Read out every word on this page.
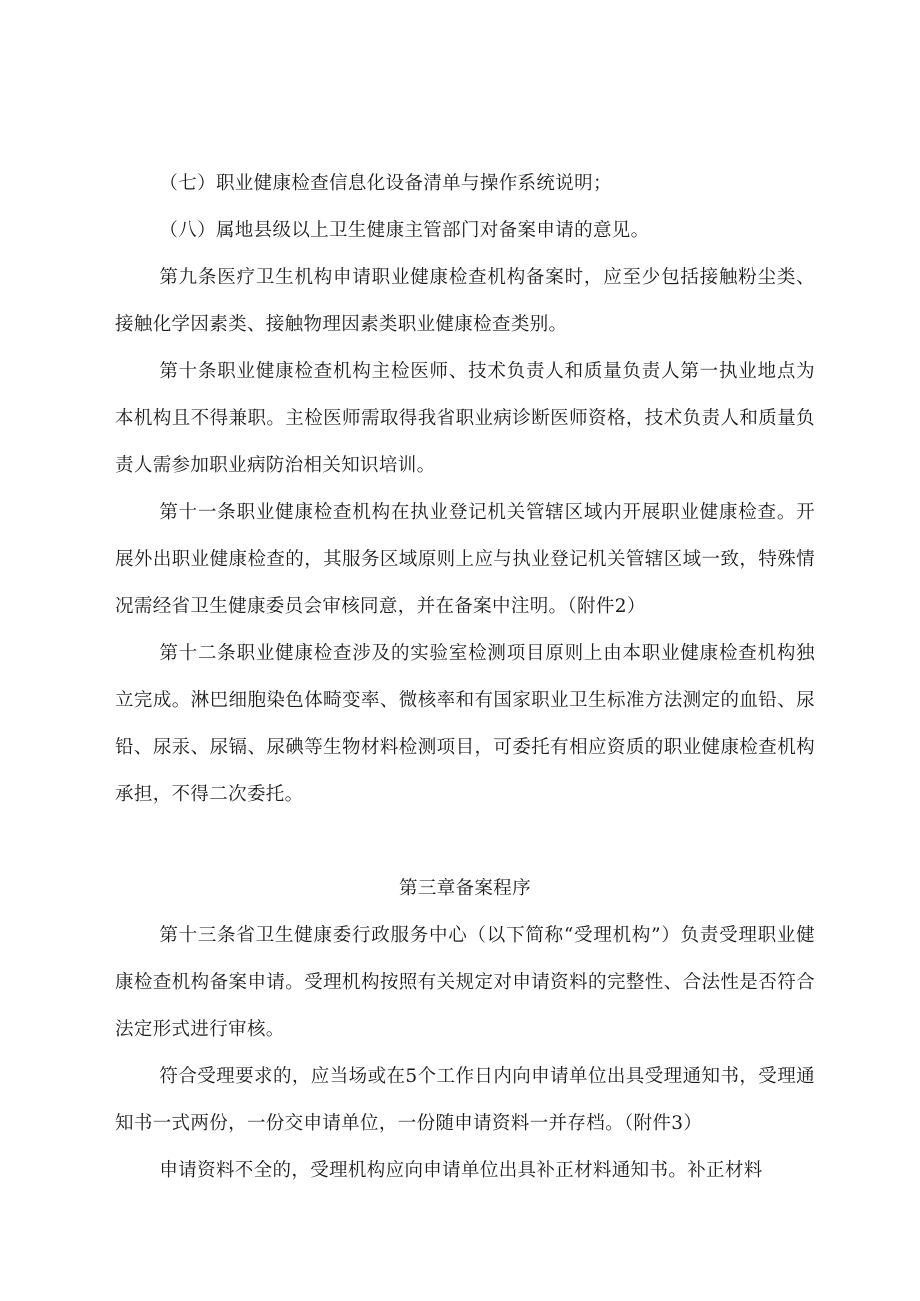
（七）职业健康检查信息化设备清单与操作系统说明；

（八）属地县级以上卫生健康主管部门对备案申请的意见。

第九条医疗卫生机构申请职业健康检查机构备案时，应至少包括接触粉尘类、接触化学因素类、接触物理因素类职业健康检查类别。

第十条职业健康检查机构主检医师、技术负责人和质量负责人第一执业地点为本机构且不得兼职。主检医师需取得我省职业病诊断医师资格，技术负责人和质量负责人需参加职业病防治相关知识培训。

第十一条职业健康检查机构在执业登记机关管辖区域内开展职业健康检查。开展外出职业健康检查的，其服务区域原则上应与执业登记机关管辖区域一致，特殊情况需经省卫生健康委员会审核同意，并在备案中注明。（附件2）

第十二条职业健康检查涉及的实验室检测项目原则上由本职业健康检查机构独立完成。淋巴细胞染色体畸变率、微核率和有国家职业卫生标准方法测定的血铅、尿铅、尿汞、尿镉、尿碘等生物材料检测项目，可委托有相应资质的职业健康检查机构承担，不得二次委托。

第三章备案程序

第十三条省卫生健康委行政服务中心（以下简称“受理机构”）负责受理职业健康检查机构备案申请。受理机构按照有关规定对申请资料的完整性、合法性是否符合法定形式进行审核。

符合受理要求的，应当场或在5个工作日内向申请单位出具受理通知书，受理通知书一式两份，一份交申请单位，一份随申请资料一并存档。（附件3）

申请资料不全的，受理机构应向申请单位出具补正材料通知书。补正材料
